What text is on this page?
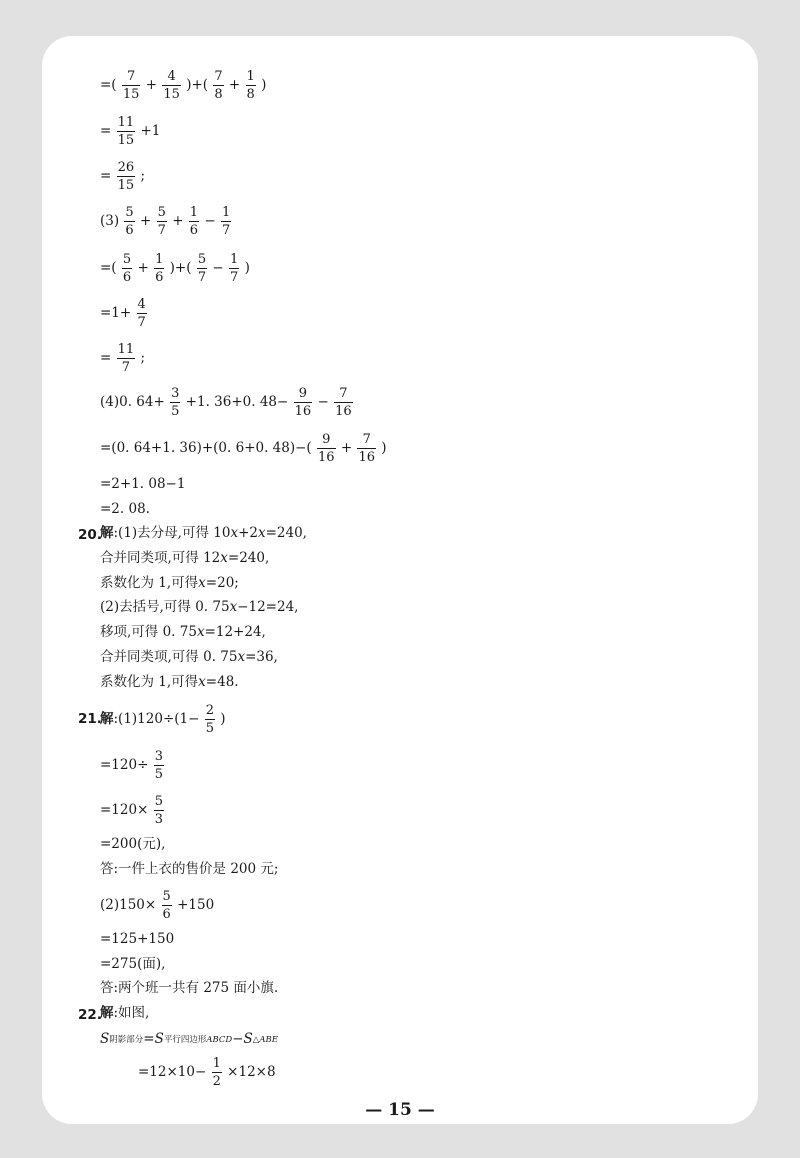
=( $\frac{7}{15} + \frac{4}{15}$ )+( $\frac{7}{8} + \frac{1}{8}$ )
= $\frac{11}{15} +1$
= $\frac{26}{15}$ ;
$(3) \frac{5}{6} + \frac{5}{7} + \frac{1}{6} - \frac{1}{7}$
=( $\frac{5}{6} + \frac{1}{6}$ )+( $\frac{5}{7} - \frac{1}{7}$ )
$=1+ \frac{4}{7}$
= $\frac{11}{7}$ ;
(4)0. $64+ \frac{3}{5} +1$. 36+0. $48- \frac{9}{16} - \frac{7}{16}$
=(0. 64+1. 36)+(0. 6+0. $48)-( \frac{9}{16} + \frac{7}{16}$ )
=2+1. 08−1
=2. 08.
20.
解:(1)去分母,可得 10x+2x=240,
合并同类项,可得 12x=240,
系数化为 1,可得x=20;
(2)去括号,可得 0. 75x−12=24,
移项,可得 0. 75x=12+24,
合并同类项,可得 0. 75x=36,
系数化为 1,可得x=48.
21.
解:(1)120÷(1− $\frac{2}{5}$ )
$=120\div \frac{3}{5}$
$=120\times \frac{5}{3}$
=200(元),
答:一件上衣的售价是 200 元;
$(2)150\times \frac{5}{6} +150$
=125+150
=275(面),
答:两个班一共有 275 面小旗.
22.
解:如图,
S阴影部分=S平行四边形ABCD−S△ABE
$=12\times 10- \frac{1}{2} \times 12\times 8$
— 15 —
